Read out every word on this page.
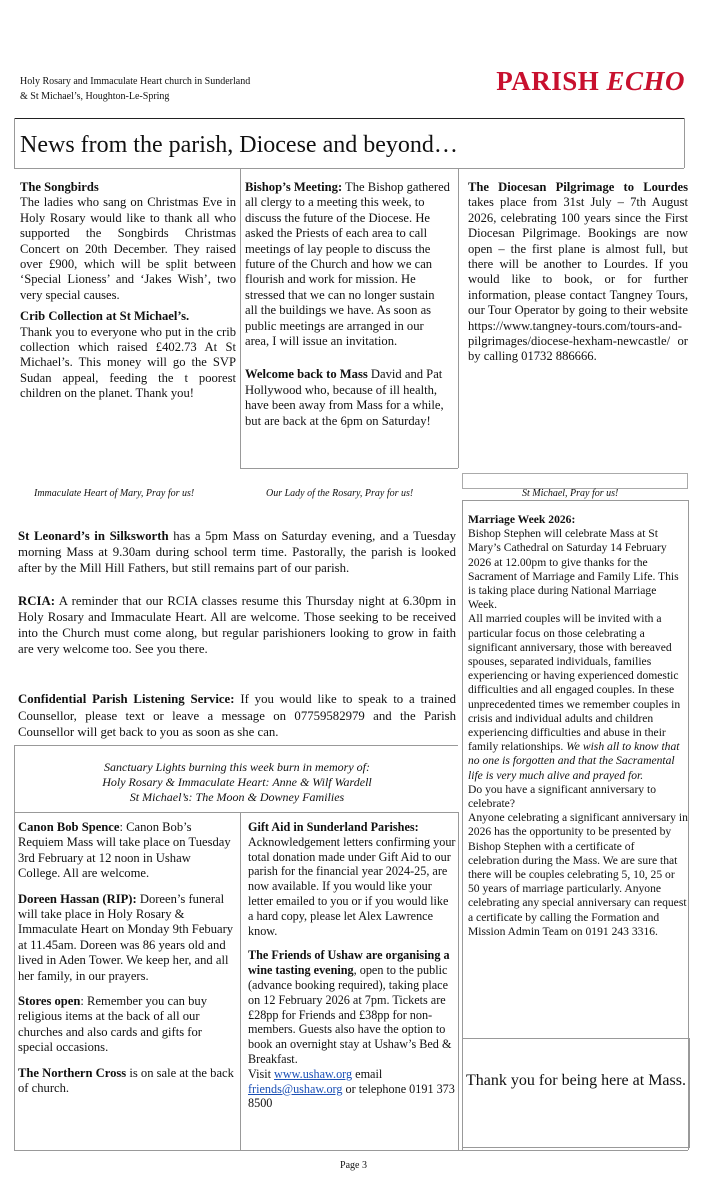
Holy Rosary and Immaculate Heart church in Sunderland
& St Michael’s, Houghton-Le-Spring
PARISH ECHO
News from the parish, Diocese and beyond…

The Songbirds
The ladies who sang on Christmas Eve in Holy Rosary would like to thank all who supported the Songbirds Christmas Concert on 20th December. They raised over £900, which will be split between ‘Special Lioness’ and ‘Jakes Wish’, two very special causes.

Crib Collection at St Michael’s.
Thank you to everyone who put in the crib collection which raised £402.73 At St Michael’s. This money will go the SVP Sudan appeal, feeding the t poorest children on the planet. Thank you!

Bishop’s Meeting: The Bishop gathered all clergy to a meeting this week, to discuss the future of the Diocese. He asked the Priests of each area to call meetings of lay people to discuss the future of the Church and how we can flourish and work for mission. He stressed that we can no longer sustain all the buildings we have. As soon as public meetings are arranged in our area, I will issue an invitation.

Welcome back to Mass David and Pat Hollywood who, because of ill health, have been away from Mass for a while, but are back at the 6pm on Saturday!

The Diocesan Pilgrimage to Lourdes takes place from 31st July – 7th August 2026, celebrating 100 years since the First Diocesan Pilgrimage. Bookings are now open – the first plane is almost full, but there will be another to Lourdes. If you would like to book, or for further information, please contact Tangney Tours, our Tour Operator by going to their website https://www.tangney-tours.com/tours-and-pilgrimages/diocese-hexham-newcastle/ or by calling 01732 886666.

Immaculate Heart of Mary, Pray for us!	Our Lady of the Rosary, Pray for us!	St Michael, Pray for us!

St Leonard’s in Silksworth has a 5pm Mass on Saturday evening, and a Tuesday morning Mass at 9.30am during school term time. Pastorally, the parish is looked after by the Mill Hill Fathers, but still remains part of our parish.

RCIA: A reminder that our RCIA classes resume this Thursday night at 6.30pm in Holy Rosary and Immaculate Heart. All are welcome. Those seeking to be received into the Church must come along, but regular parishioners looking to grow in faith are very welcome too. See you there.

Confidential Parish Listening Service: If you would like to speak to a trained Counsellor, please text or leave a message on 07759582979 and the Parish Counsellor will get back to you as soon as she can.

Marriage Week 2026:

Bishop Stephen will celebrate Mass at St Mary’s Cathedral on Saturday 14 February 2026 at 12.00pm to give thanks for the Sacrament of Marriage and Family Life. This is taking place during National Marriage Week.

All married couples will be invited with a particular focus on those celebrating a significant anniversary, those with bereaved spouses, separated individuals, families experiencing or having experienced domestic difficulties and all engaged couples. In these unprecedented times we remember couples in crisis and individual adults and children experiencing difficulties and abuse in their family relationships. We wish all to know that no one is forgotten and that the Sacramental life is very much alive and prayed for.

Do you have a significant anniversary to celebrate?

Anyone celebrating a significant anniversary in 2026 has the opportunity to be presented by Bishop Stephen with a certificate of celebration during the Mass. We are sure that there will be couples celebrating 5, 10, 25 or 50 years of marriage particularly. Anyone celebrating any special anniversary can request a certificate by calling the Formation and Mission Admin Team on 0191 243 3316.

Sanctuary Lights burning this week burn in memory of:
Holy Rosary & Immaculate Heart: Anne & Wilf Wardell
St Michael’s: The Moon & Downey Families

Canon Bob Spence: Canon Bob’s Requiem Mass will take place on Tuesday 3rd February at 12 noon in Ushaw College. All are welcome.

Doreen Hassan (RIP): Doreen’s funeral will take place in Holy Rosary & Immaculate Heart on Monday 9th Febuary at 11.45am. Doreen was 86 years old and lived in Aden Tower. We keep her, and all her family, in our prayers.

Stores open: Remember you can buy religious items at the back of all our churches and also cards and gifts for special occasions.

The Northern Cross is on sale at the back of church.

Gift Aid in Sunderland Parishes:
Acknowledgement letters confirming your total donation made under Gift Aid to our parish for the financial year 2024-25, are now available. If you would like your letter emailed to you or if you would like a hard copy, please let Alex Lawrence know.

The Friends of Ushaw are organising a wine tasting evening, open to the public (advance booking required), taking place on 12 February 2026 at 7pm. Tickets are £28pp for Friends and £38pp for non-members. Guests also have the option to book an overnight stay at Ushaw’s Bed & Breakfast.
Visit www.ushaw.org email friends@ushaw.org or telephone 0191 373 8500

Thank you for being here at Mass.
Page 3
